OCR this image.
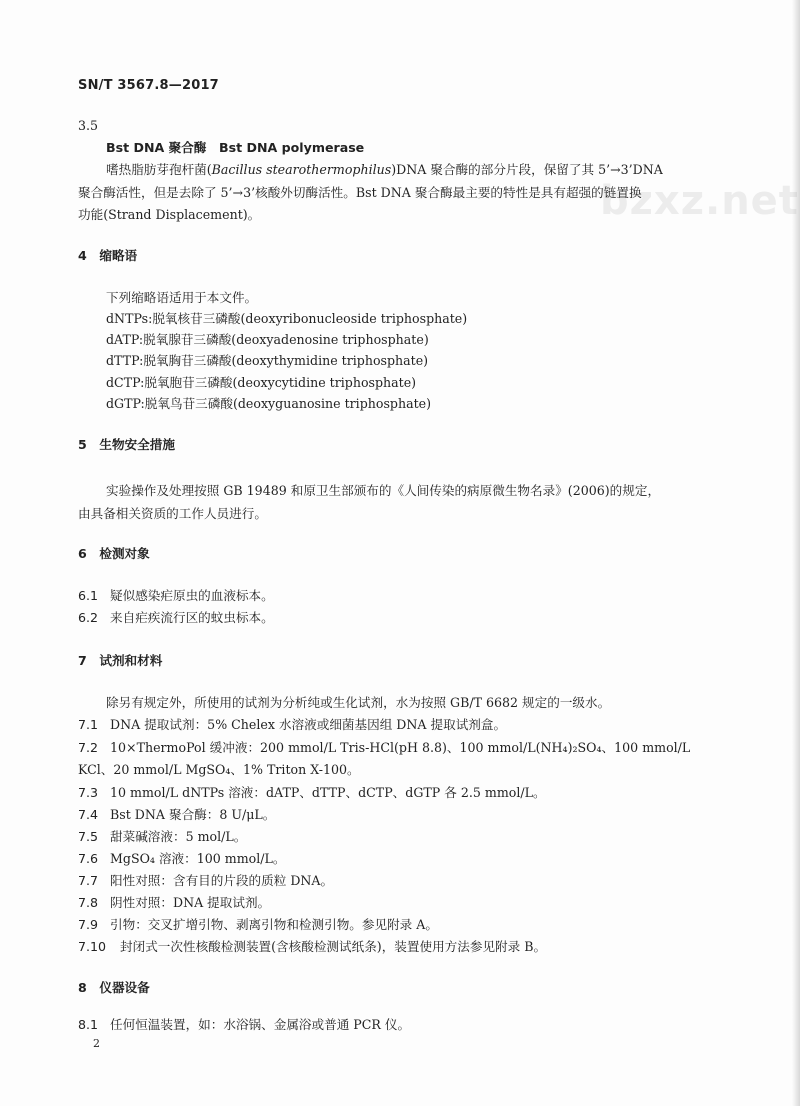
SN/T 3567.8—2017
bzxz.net
3.5
Bst DNA 聚合酶　Bst DNA polymerase
嗜热脂肪芽孢杆菌(Bacillus stearothermophilus)DNA 聚合酶的部分片段，保留了其 5’→3’DNA
聚合酶活性，但是去除了 5’→3’核酸外切酶活性。Bst DNA 聚合酶最主要的特性是具有超强的链置换
功能(Strand Displacement)。
4　缩略语
下列缩略语适用于本文件。
dNTPs:脱氧核苷三磷酸(deoxyribonucleoside triphosphate)
dATP:脱氧腺苷三磷酸(deoxyadenosine triphosphate)
dTTP:脱氧胸苷三磷酸(deoxythymidine triphosphate)
dCTP:脱氧胞苷三磷酸(deoxycytidine triphosphate)
dGTP:脱氧鸟苷三磷酸(deoxyguanosine triphosphate)
5　生物安全措施
实验操作及处理按照 GB 19489 和原卫生部颁布的《人间传染的病原微生物名录》(2006)的规定，
由具备相关资质的工作人员进行。
6　检测对象
6.1 疑似感染疟原虫的血液标本。
6.2 来自疟疾流行区的蚊虫标本。
7　试剂和材料
除另有规定外，所使用的试剂为分析纯或生化试剂，水为按照 GB/T 6682 规定的一级水。
7.1 DNA 提取试剂：5% Chelex 水溶液或细菌基因组 DNA 提取试剂盒。
7.2 10×ThermoPol 缓冲液：200 mmol/L Tris-HCl(pH 8.8)、100 mmol/L(NH₄)₂SO₄、100 mmol/L
KCl、20 mmol/L MgSO₄、1% Triton X-100。
7.3 10 mmol/L dNTPs 溶液：dATP、dTTP、dCTP、dGTP 各 2.5 mmol/L。
7.4 Bst DNA 聚合酶：8 U/μL。
7.5 甜菜碱溶液：5 mol/L。
7.6 MgSO₄ 溶液：100 mmol/L。
7.7 阳性对照：含有目的片段的质粒 DNA。
7.8 阴性对照：DNA 提取试剂。
7.9 引物：交叉扩增引物、剥离引物和检测引物。参见附录 A。
7.10 封闭式一次性核酸检测装置(含核酸检测试纸条)，装置使用方法参见附录 B。
8　仪器设备
8.1 任何恒温装置，如：水浴锅、金属浴或普通 PCR 仪。
2
